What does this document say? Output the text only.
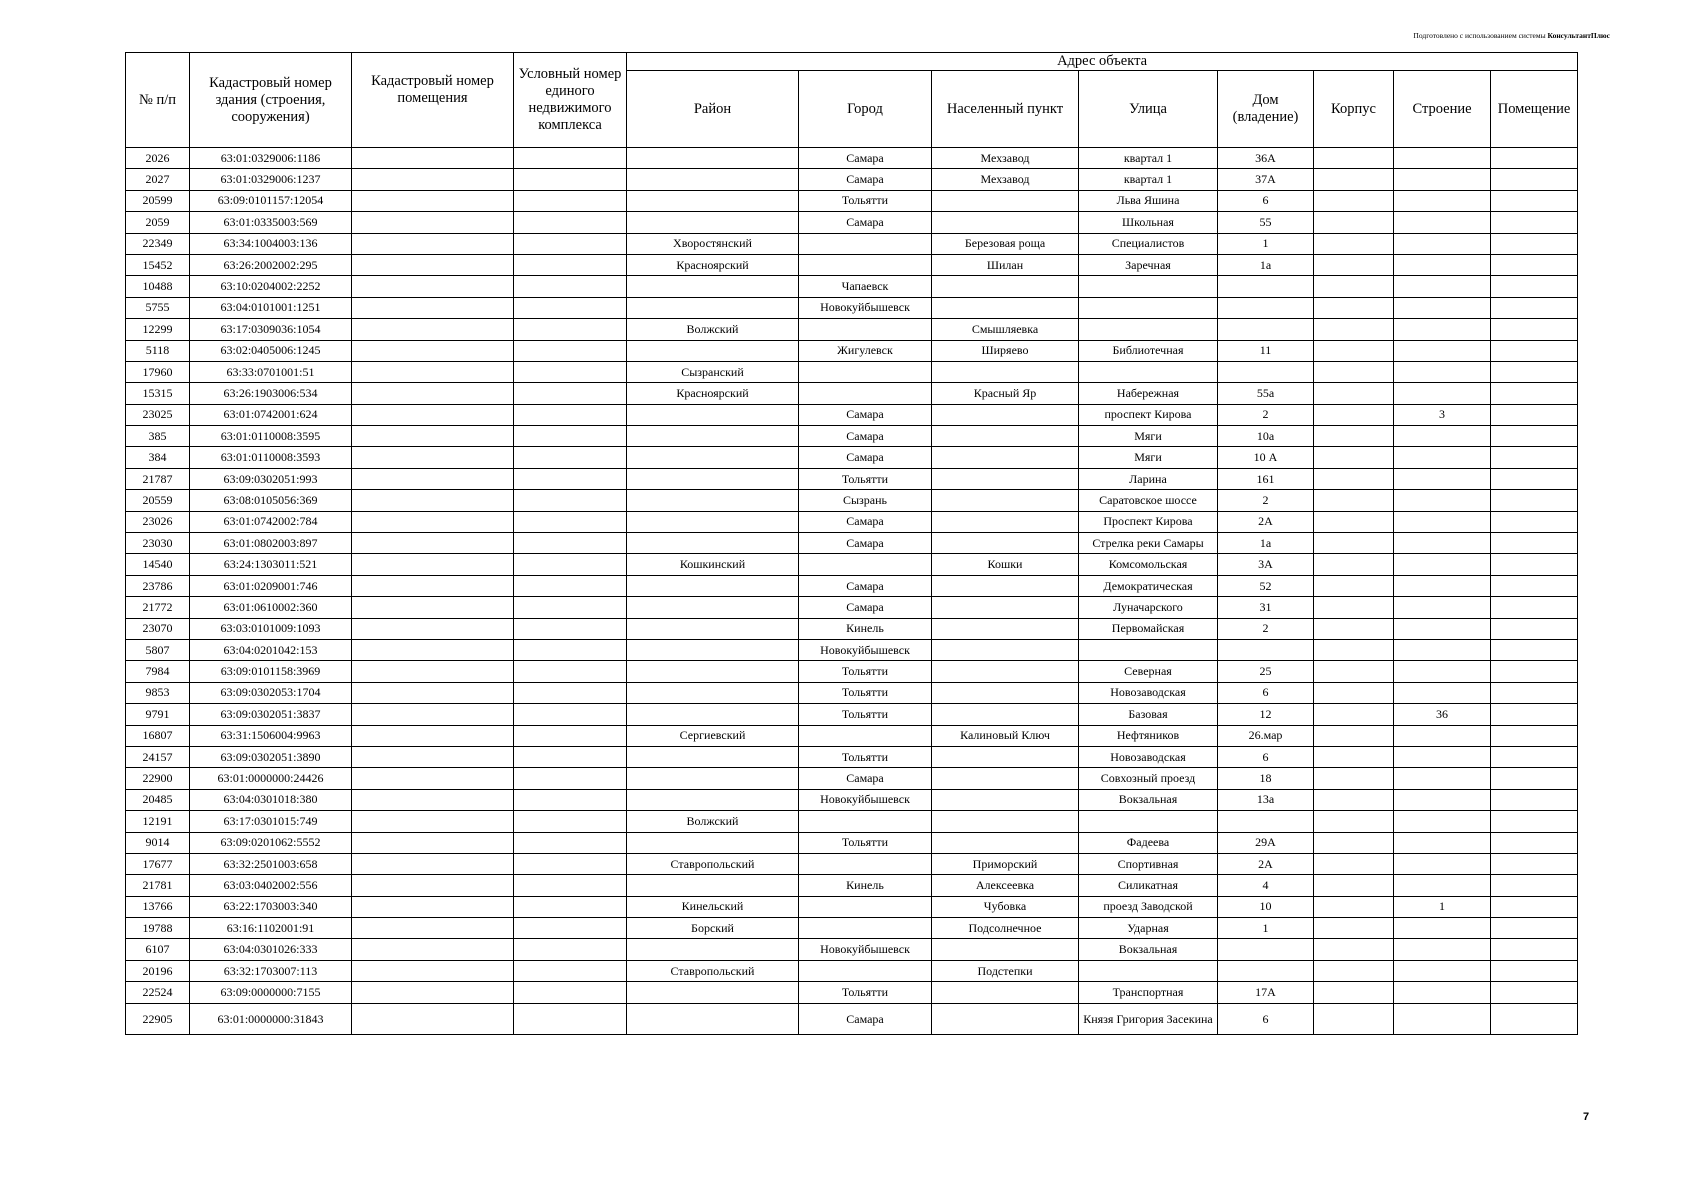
Подготовлено с использованием системы КонсультантПлюс
№ п/п	Кадастровый номер здания (строения, сооружения)	Кадастровый номер помещения	Условный номер единого недвижимого комплекса	Адрес объекта							
				Район	Город	Населенный пункт	Улица	Дом (владение)	Корпус	Строение	Помещение
2026	63:01:0329006:1186				Самара	Мехзавод	квартал 1	36А			
2027	63:01:0329006:1237				Самара	Мехзавод	квартал 1	37А			
20599	63:09:0101157:12054				Тольятти		Льва Яшина	6			
2059	63:01:0335003:569				Самара		Школьная	55			
22349	63:34:1004003:136			Хворостянский		Березовая роща	Специалистов	1			
15452	63:26:2002002:295			Красноярский		Шилан	Заречная	1а			
10488	63:10:0204002:2252				Чапаевск						
5755	63:04:0101001:1251				Новокуйбышевск						
12299	63:17:0309036:1054			Волжский		Смышляевка					
5118	63:02:0405006:1245				Жигулевск	Ширяево	Библиотечная	11			
17960	63:33:0701001:51			Сызранский							
15315	63:26:1903006:534			Красноярский		Красный Яр	Набережная	55а			
23025	63:01:0742001:624				Самара		проспект Кирова	2		3	
385	63:01:0110008:3595				Самара		Мяги	10а			
384	63:01:0110008:3593				Самара		Мяги	10 А			
21787	63:09:0302051:993				Тольятти		Ларина	161			
20559	63:08:0105056:369				Сызрань		Саратовское шоссе	2			
23026	63:01:0742002:784				Самара		Проспект Кирова	2А			
23030	63:01:0802003:897				Самара		Стрелка реки Самары	1а			
14540	63:24:1303011:521			Кошкинский		Кошки	Комсомольская	3А			
23786	63:01:0209001:746				Самара		Демократическая	52			
21772	63:01:0610002:360				Самара		Луначарского	31			
23070	63:03:0101009:1093				Кинель		Первомайская	2			
5807	63:04:0201042:153				Новокуйбышевск						
7984	63:09:0101158:3969				Тольятти		Северная	25			
9853	63:09:0302053:1704				Тольятти		Новозаводская	6			
9791	63:09:0302051:3837				Тольятти		Базовая	12		36	
16807	63:31:1506004:9963			Сергиевский		Калиновый Ключ	Нефтяников	26.мар			
24157	63:09:0302051:3890				Тольятти		Новозаводская	6			
22900	63:01:0000000:24426				Самара		Совхозный проезд	18			
20485	63:04:0301018:380				Новокуйбышевск		Вокзальная	13а			
12191	63:17:0301015:749			Волжский							
9014	63:09:0201062:5552				Тольятти		Фадеева	29А			
17677	63:32:2501003:658			Ставропольский		Приморский	Спортивная	2А			
21781	63:03:0402002:556				Кинель	Алексеевка	Силикатная	4			
13766	63:22:1703003:340			Кинельский		Чубовка	проезд Заводской	10		1	
19788	63:16:1102001:91			Борский		Подсолнечное	Ударная	1			
6107	63:04:0301026:333				Новокуйбышевск		Вокзальная				
20196	63:32:1703007:113			Ставропольский		Подстепки					
22524	63:09:0000000:7155				Тольятти		Транспортная	17А			
22905	63:01:0000000:31843				Самара		Князя Григория Засекина	6			
7
